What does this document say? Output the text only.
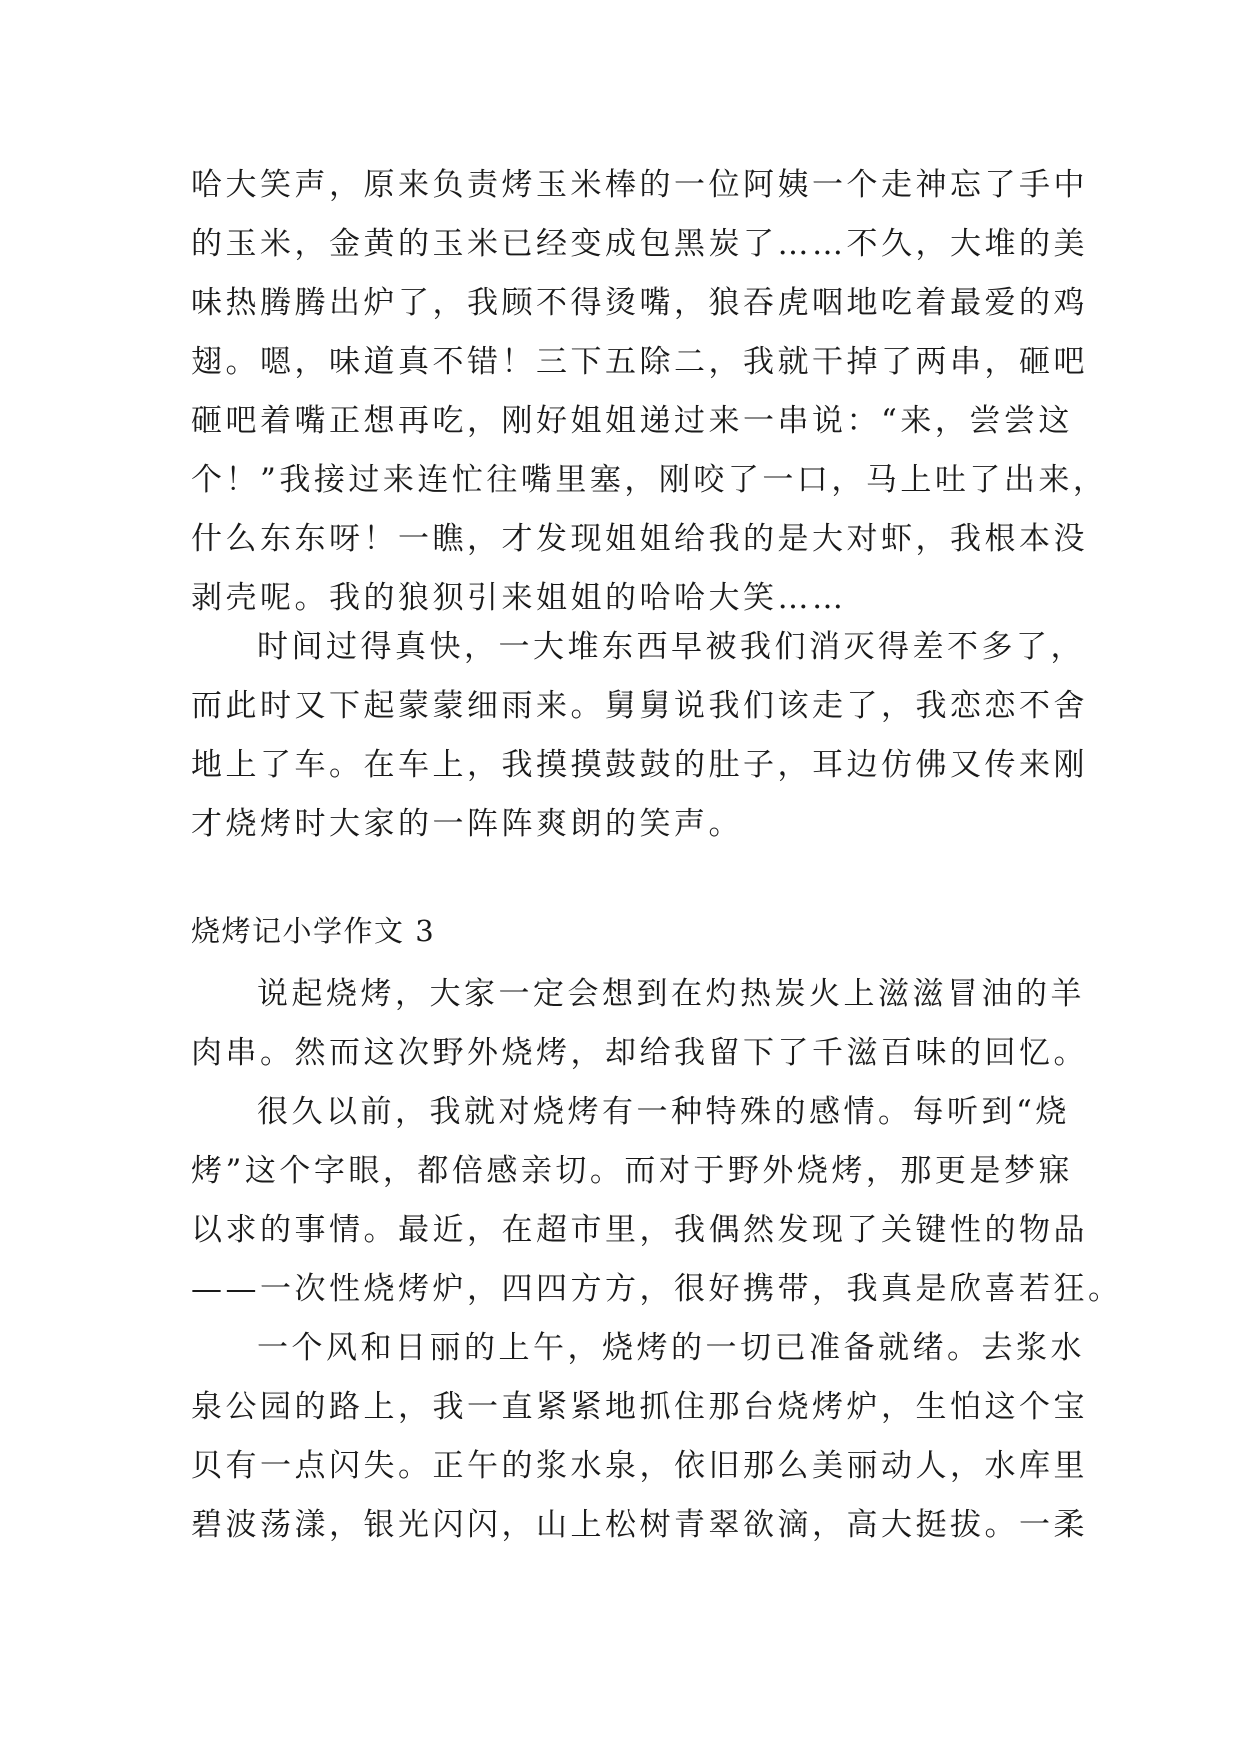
哈大笑声，原来负责烤玉米棒的一位阿姨一个走神忘了手中
的玉米，金黄的玉米已经变成包黑炭了……不久，大堆的美
味热腾腾出炉了，我顾不得烫嘴，狼吞虎咽地吃着最爱的鸡
翅。嗯，味道真不错！三下五除二，我就干掉了两串，砸吧
砸吧着嘴正想再吃，刚好姐姐递过来一串说：“来，尝尝这
个！”我接过来连忙往嘴里塞，刚咬了一口，马上吐了出来，
什么东东呀！一瞧，才发现姐姐给我的是大对虾，我根本没
剥壳呢。我的狼狈引来姐姐的哈哈大笑……
时间过得真快，一大堆东西早被我们消灭得差不多了，
而此时又下起蒙蒙细雨来。舅舅说我们该走了，我恋恋不舍
地上了车。在车上，我摸摸鼓鼓的肚子，耳边仿佛又传来刚
才烧烤时大家的一阵阵爽朗的笑声。
烧烤记小学作文 3
说起烧烤，大家一定会想到在灼热炭火上滋滋冒油的羊
肉串。然而这次野外烧烤，却给我留下了千滋百味的回忆。
很久以前，我就对烧烤有一种特殊的感情。每听到“烧
烤”这个字眼，都倍感亲切。而对于野外烧烤，那更是梦寐
以求的事情。最近，在超市里，我偶然发现了关键性的物品
——一次性烧烤炉，四四方方，很好携带，我真是欣喜若狂。
一个风和日丽的上午，烧烤的一切已准备就绪。去浆水
泉公园的路上，我一直紧紧地抓住那台烧烤炉，生怕这个宝
贝有一点闪失。正午的浆水泉，依旧那么美丽动人，水库里
碧波荡漾，银光闪闪，山上松树青翠欲滴，高大挺拔。一柔
